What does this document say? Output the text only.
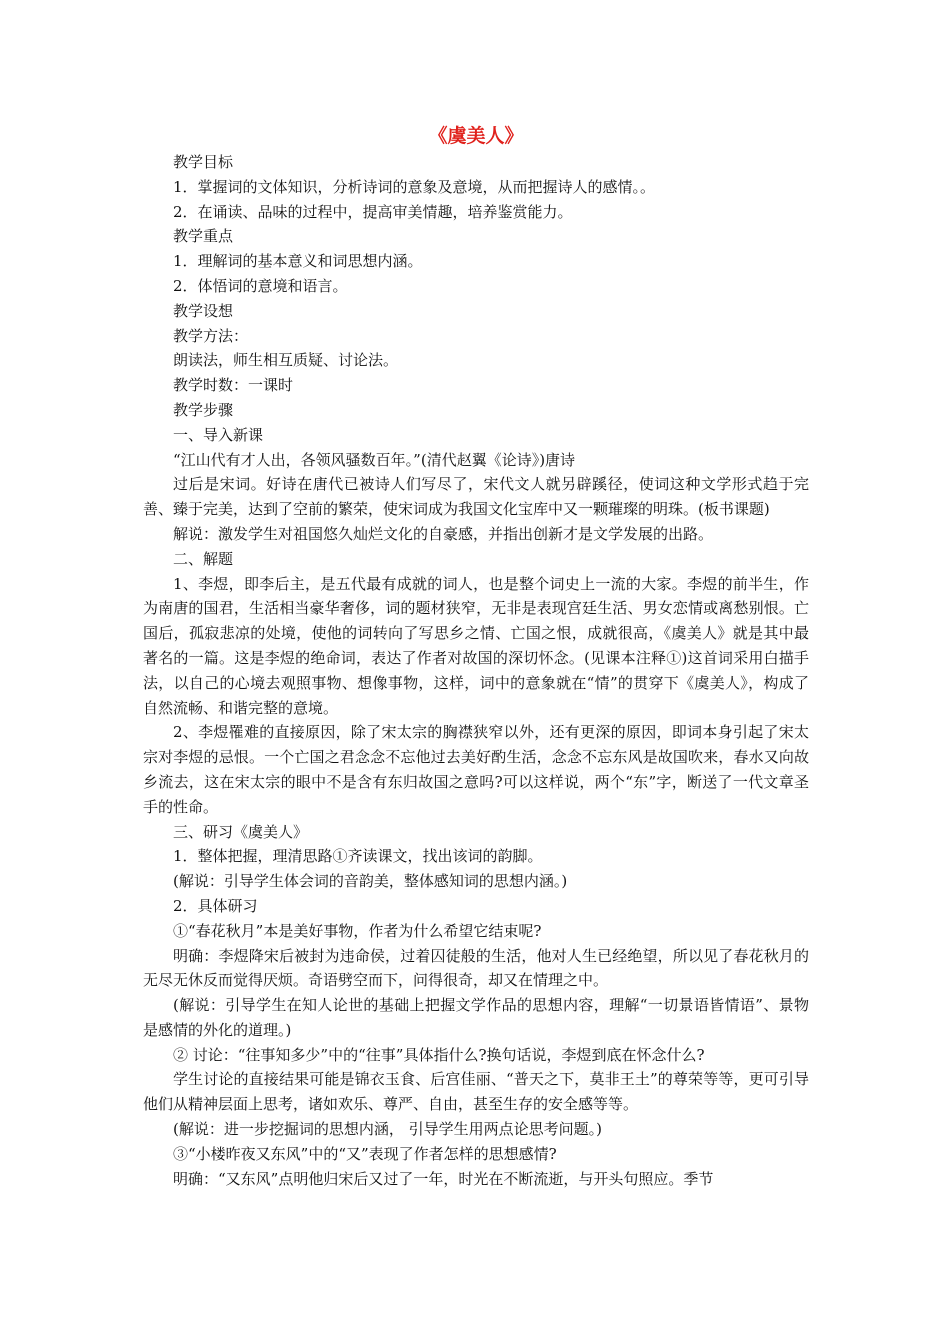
《虞美人》

教学目标

1．掌握词的文体知识，分析诗词的意象及意境，从而把握诗人的感情。。

2．在诵读、品味的过程中，提高审美情趣，培养鉴赏能力。

教学重点

1．理解词的基本意义和词思想内涵。

2．体悟词的意境和语言。

教学设想

教学方法：

朗读法，师生相互质疑、讨论法。

教学时数：一课时

教学步骤

一、导入新课

“江山代有才人出，各领风骚数百年。”(清代赵翼《论诗》)唐诗

过后是宋词。好诗在唐代已被诗人们写尽了，宋代文人就另辟蹊径，使词这种文学形式趋于完善、臻于完美，达到了空前的繁荣，使宋词成为我国文化宝库中又一颗璀璨的明珠。(板书课题)

解说：激发学生对祖国悠久灿烂文化的自豪感，并指出创新才是文学发展的出路。

二、解题

1、李煜，即李后主，是五代最有成就的词人，也是整个词史上一流的大家。李煜的前半生，作为南唐的国君，生活相当豪华奢侈，词的题材狭窄，无非是表现宫廷生活、男女恋情或离愁别恨。亡国后，孤寂悲凉的处境，使他的词转向了写思乡之情、亡国之恨，成就很高，《虞美人》就是其中最著名的一篇。这是李煜的绝命词，表达了作者对故国的深切怀念。(见课本注释①)这首词采用白描手法，以自己的心境去观照事物、想像事物，这样，词中的意象就在“情”的贯穿下《虞美人》，构成了自然流畅、和谐完整的意境。

2、李煜罹难的直接原因，除了宋太宗的胸襟狭窄以外，还有更深的原因，即词本身引起了宋太宗对李煜的忌恨。一个亡国之君念念不忘他过去美好酌生活，念念不忘东风是故国吹来，春水又向故乡流去，这在宋太宗的眼中不是含有东归故国之意吗?可以这样说，两个“东”字，断送了一代文章圣手的性命。

三、研习《虞美人》

1．整体把握，理清思路①齐读课文，找出该词的韵脚。

(解说：引导学生体会词的音韵美，整体感知词的思想内涵。)

2．具体研习

①“春花秋月”本是美好事物，作者为什么希望它结束呢?

明确：李煜降宋后被封为违命侯，过着囚徒般的生活，他对人生已经绝望，所以见了春花秋月的无尽无休反而觉得厌烦。奇语劈空而下，问得很奇，却又在情理之中。

(解说：引导学生在知人论世的基础上把握文学作品的思想内容，理解“一切景语皆情语”、景物是感情的外化的道理。)

② 讨论：“往事知多少”中的“往事”具体指什么?换句话说，李煜到底在怀念什么?

学生讨论的直接结果可能是锦衣玉食、后宫佳丽、“普天之下，莫非王土”的尊荣等等，更可引导他们从精神层面上思考，诸如欢乐、尊严、自由，甚至生存的安全感等等。

(解说：进一步挖掘词的思想内涵， 引导学生用两点论思考问题。)

③“小楼昨夜又东风”中的“又”表现了作者怎样的思想感情?

明确：“又东风”点明他归宋后又过了一年，时光在不断流逝，与开头句照应。季节
